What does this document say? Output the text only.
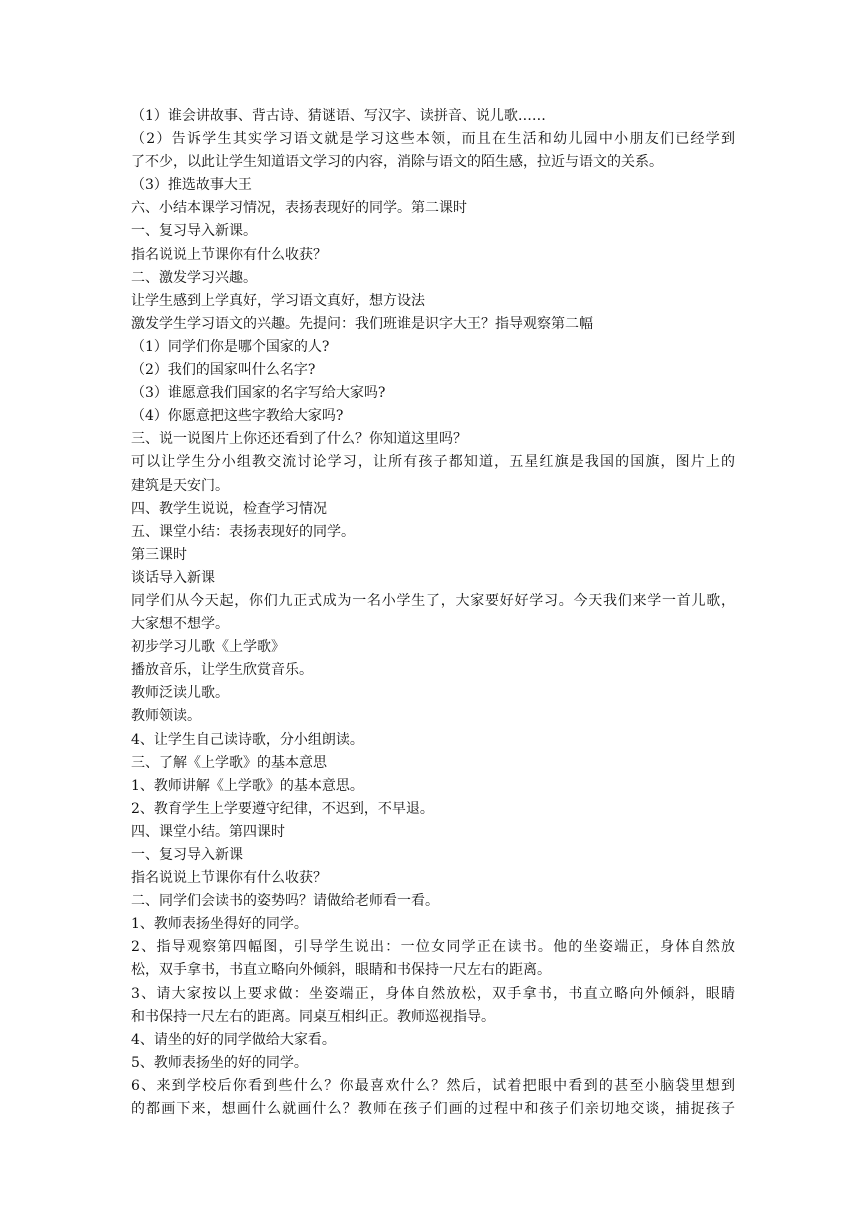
（1）谁会讲故事、背古诗、猜谜语、写汉字、读拼音、说儿歌……
（2）告诉学生其实学习语文就是学习这些本领，而且在生活和幼儿园中小朋友们已经学到
了不少，以此让学生知道语文学习的内容，消除与语文的陌生感，拉近与语文的关系。
（3）推选故事大王
六、小结本课学习情况，表扬表现好的同学。第二课时
一、复习导入新课。
指名说说上节课你有什么收获？
二、激发学习兴趣。
让学生感到上学真好，学习语文真好，想方设法
激发学生学习语文的兴趣。先提问：我们班谁是识字大王？指导观察第二幅
（1）同学们你是哪个国家的人?
（2）我们的国家叫什么名字?
（3）谁愿意我们国家的名字写给大家吗?
（4）你愿意把这些字教给大家吗?
三、说一说图片上你还还看到了什么？你知道这里吗？
可以让学生分小组教交流讨论学习，让所有孩子都知道，五星红旗是我国的国旗，图片上的
建筑是天安门。
四、教学生说说，检查学习情况
五、课堂小结：表扬表现好的同学。
第三课时
谈话导入新课
同学们从今天起，你们九正式成为一名小学生了，大家要好好学习。今天我们来学一首儿歌，
大家想不想学。
初步学习儿歌《上学歌》
播放音乐，让学生欣赏音乐。
教师泛读儿歌。
教师领读。
4、让学生自己读诗歌，分小组朗读。
三、了解《上学歌》的基本意思
1、教师讲解《上学歌》的基本意思。
2、教育学生上学要遵守纪律，不迟到，不早退。
四、课堂小结。第四课时
一、复习导入新课
指名说说上节课你有什么收获？
二、同学们会读书的姿势吗？请做给老师看一看。
1、教师表扬坐得好的同学。
2、指导观察第四幅图，引导学生说出：一位女同学正在读书。他的坐姿端正，身体自然放
松，双手拿书，书直立略向外倾斜，眼睛和书保持一尺左右的距离。
3、请大家按以上要求做：坐姿端正，身体自然放松，双手拿书，书直立略向外倾斜，眼睛
和书保持一尺左右的距离。同桌互相纠正。教师巡视指导。
4、请坐的好的同学做给大家看。
5、教师表扬坐的好的同学。
6、来到学校后你看到些什么？你最喜欢什么？然后，试着把眼中看到的甚至小脑袋里想到
的都画下来，想画什么就画什么？教师在孩子们画的过程中和孩子们亲切地交谈，捕捉孩子
